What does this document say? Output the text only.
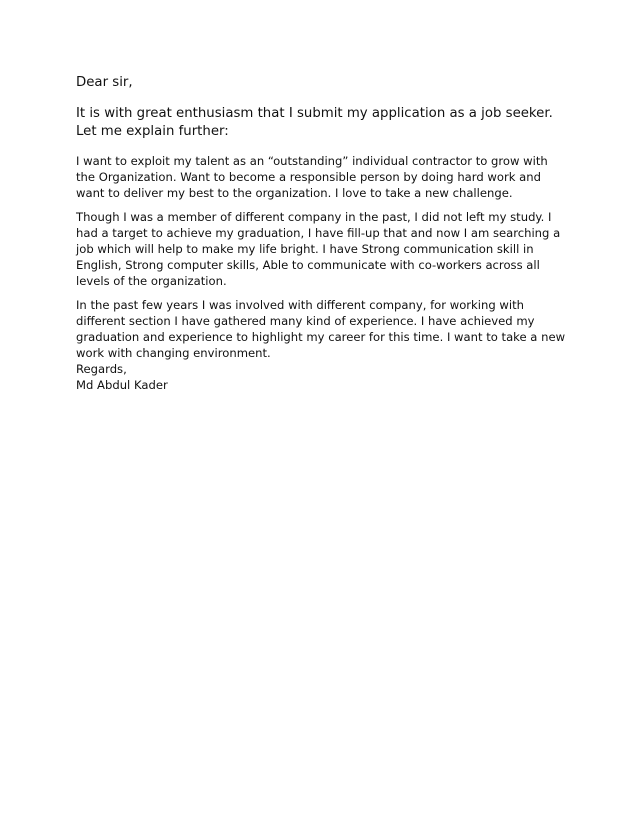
Dear sir,

It is with great enthusiasm that I submit my application as a job seeker. Let me explain further:

I want to exploit my talent as an “outstanding” individual contractor to grow with the Organization. Want to become a responsible person by doing hard work and want to deliver my best to the organization. I love to take a new challenge.

Though I was a member of different company in the past, I did not left my study. I had a target to achieve my graduation, I have fill-up that and now I am searching a job which will help to make my life bright. I have Strong communication skill in English, Strong computer skills, Able to communicate with co-workers across all levels of the organization.

In the past few years I was involved with different company, for working with different section I have gathered many kind of experience. I have achieved my graduation and experience to highlight my career for this time. I want to take a new work with changing environment.

Regards,

Md Abdul Kader
